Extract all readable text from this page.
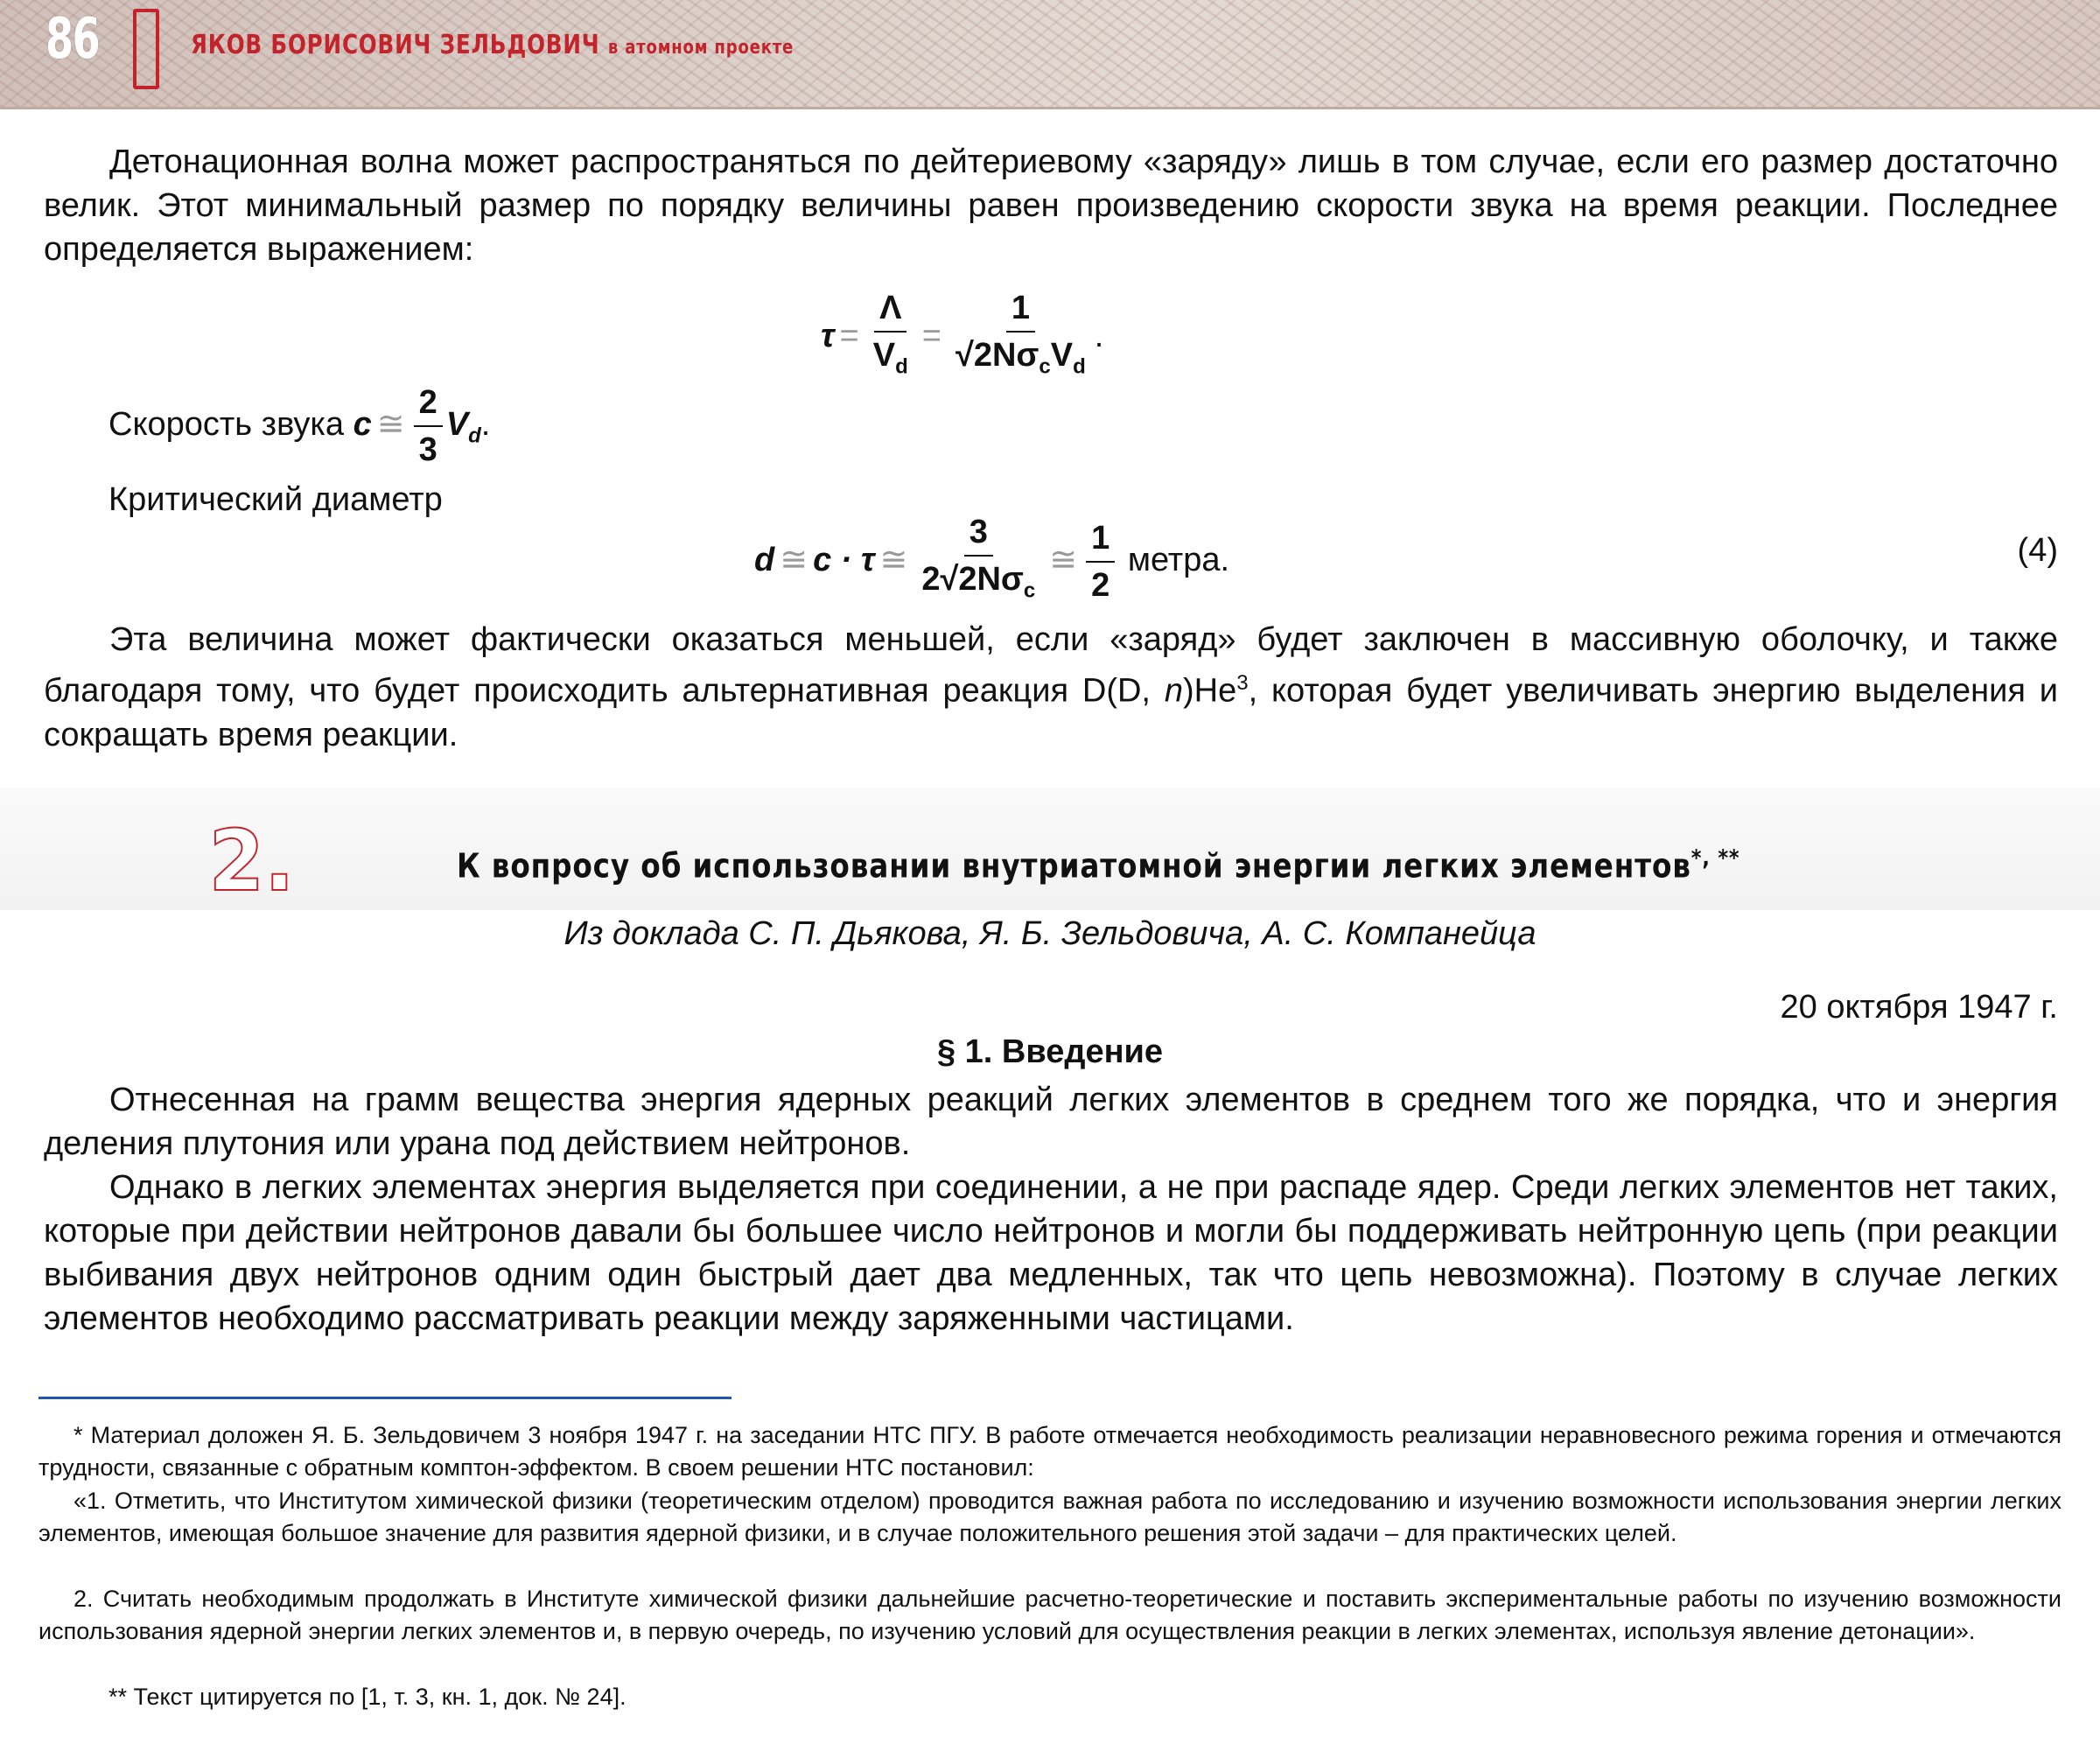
86	ЯКОВ БОРИСОВИЧ ЗЕЛЬДОВИЧ в атомном проекте

Детонационная волна может распространяться по дейтериевому «заряду» лишь в том случае, если его размер достаточно велик. Этот минимальный размер по порядку величины равен произведению скорости звука на время реакции. Последнее определяется выражением:

$\tau = \frac{\Lambda}{V_d} = \frac{1}{√2N\sigma_cV_d}$ .
Скорость звука c ≅ $\frac{2}{3} V_d$.
Критический диаметр
d ≅ c · τ ≅ $\frac{3}{2√2N\sigma_c}$ ≅ $\frac{1}{2}$ метра.	(4)

Эта величина может фактически оказаться меньшей, если «заряд» будет заключен в массивную оболочку, и также благодаря тому, что будет происходить альтернативная реакция D(D, n)He$^3$, которая будет увеличивать энергию выделения и сокращать время реакции.

2.	К вопросу об использовании внутриатомной энергии легких элементов*, **
Из доклада С. П. Дьякова, Я. Б. Зельдовича, А. С. Компанейца
20 октября 1947 г.
§ 1. Введение

Отнесенная на грамм вещества энергия ядерных реакций легких элементов в среднем того же порядка, что и энергия деления плутония или урана под действием нейтронов.

Однако в легких элементах энергия выделяется при соединении, а не при распаде ядер. Среди легких элементов нет таких, которые при действии нейтронов давали бы большее число нейтронов и могли бы поддерживать нейтронную цепь (при реакции выбивания двух нейтронов одним один быстрый дает два медленных, так что цепь невозможна). Поэтому в случае легких элементов необходимо рассматривать реакции между заряженными частицами.

* Материал доложен Я. Б. Зельдовичем 3 ноября 1947 г. на заседании НТС ПГУ. В работе отмечается необходимость реализации неравновесного режима горения и отмечаются трудности, связанные с обратным комптон-эффектом. В своем решении НТС постановил:

«1. Отметить, что Институтом химической физики (теоретическим отделом) проводится важная работа по исследованию и изучению возможности использования энергии легких элементов, имеющая большое значение для развития ядерной физики, и в случае положительного решения этой задачи – для практических целей.

2. Считать необходимым продолжать в Институте химической физики дальнейшие расчетно-теоретические и поставить экспериментальные работы по изучению возможности использования ядерной энергии легких элементов и, в первую очередь, по изучению условий для осуществления реакции в легких элементах, используя явление детонации».

** Текст цитируется по [1, т. 3, кн. 1, док. № 24].
